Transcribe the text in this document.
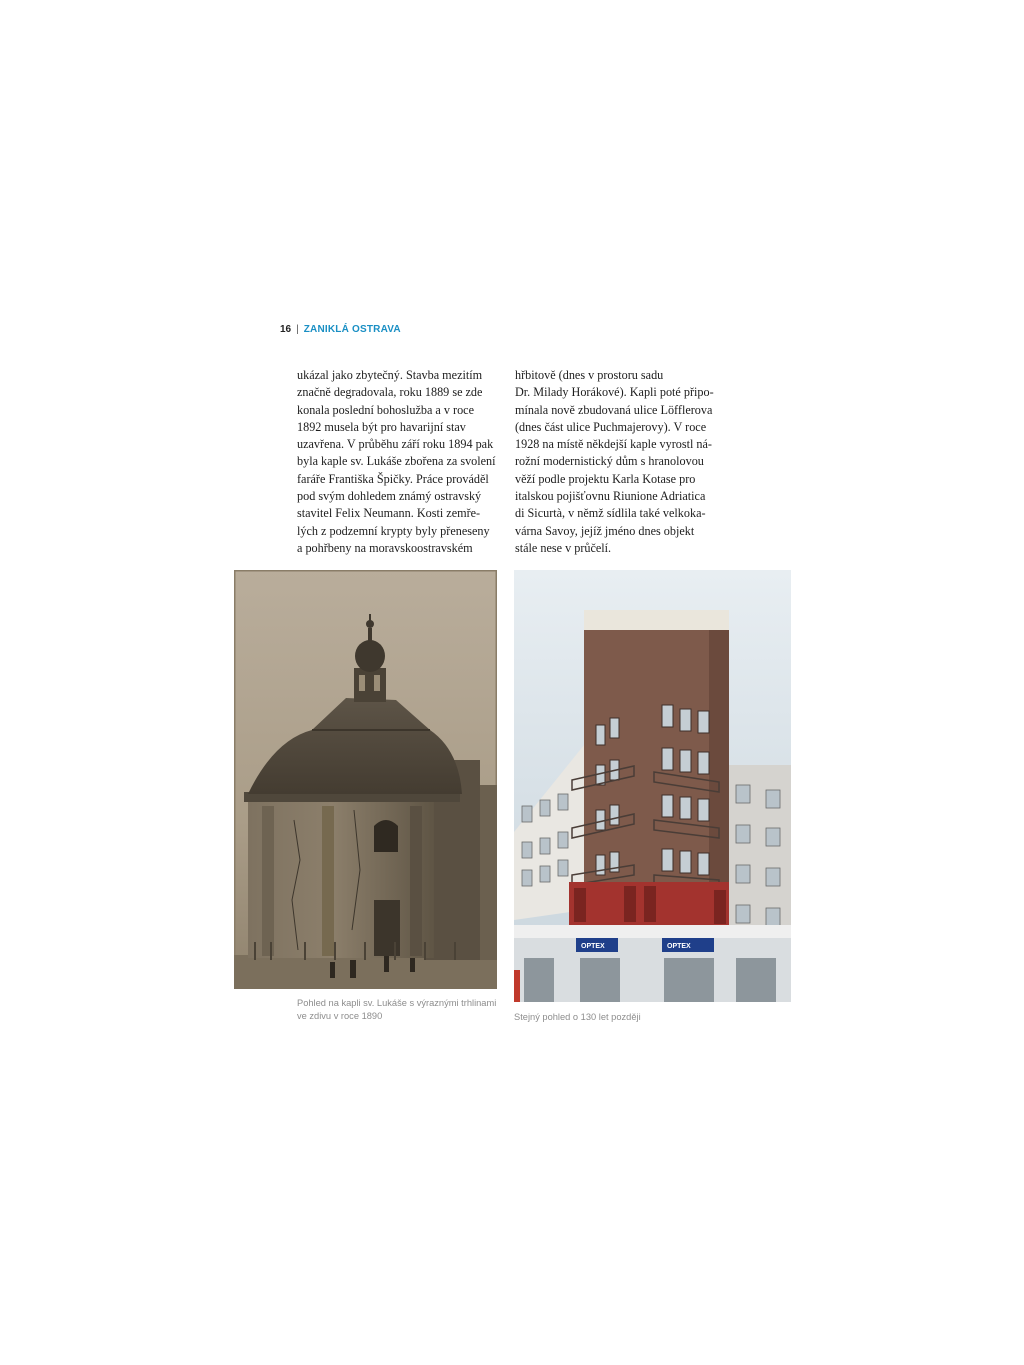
16 | ZANIKLÁ OSTRAVA
ukázal jako zbytečný. Stavba mezitím
značně degradovala, roku 1889 se zde
konala poslední bohoslužba a v roce
1892 musela být pro havarijní stav
uzavřena. V průběhu září roku 1894 pak
byla kaple sv. Lukáše zbořena za svolení
faráře Františka Špičky. Práce prováděl
pod svým dohledem známý ostravský
stavitel Felix Neumann. Kosti zemře-
lých z podzemní krypty byly přeneseny
a pohřbeny na moravskoostravském
hřbitově (dnes v prostoru sadu
Dr. Milady Horákové). Kapli poté připo-
mínala nově zbudovaná ulice Löfflerova
(dnes část ulice Puchmajerovy). V roce
1928 na místě někdejší kaple vyrostl ná-
rožní modernistický dům s hranolovou
věží podle projektu Karla Kotase pro
italskou pojišťovnu Riunione Adriatica
di Sicurtà, v němž sídlila také velkoka-
várna Savoy, jejíž jméno dnes objekt
stále nese v průčelí.
OPTEX	OPTEX
Pohled na kapli sv. Lukáše s výraznými trhlinami
ve zdivu v roce 1890	Stejný pohled o 130 let později
